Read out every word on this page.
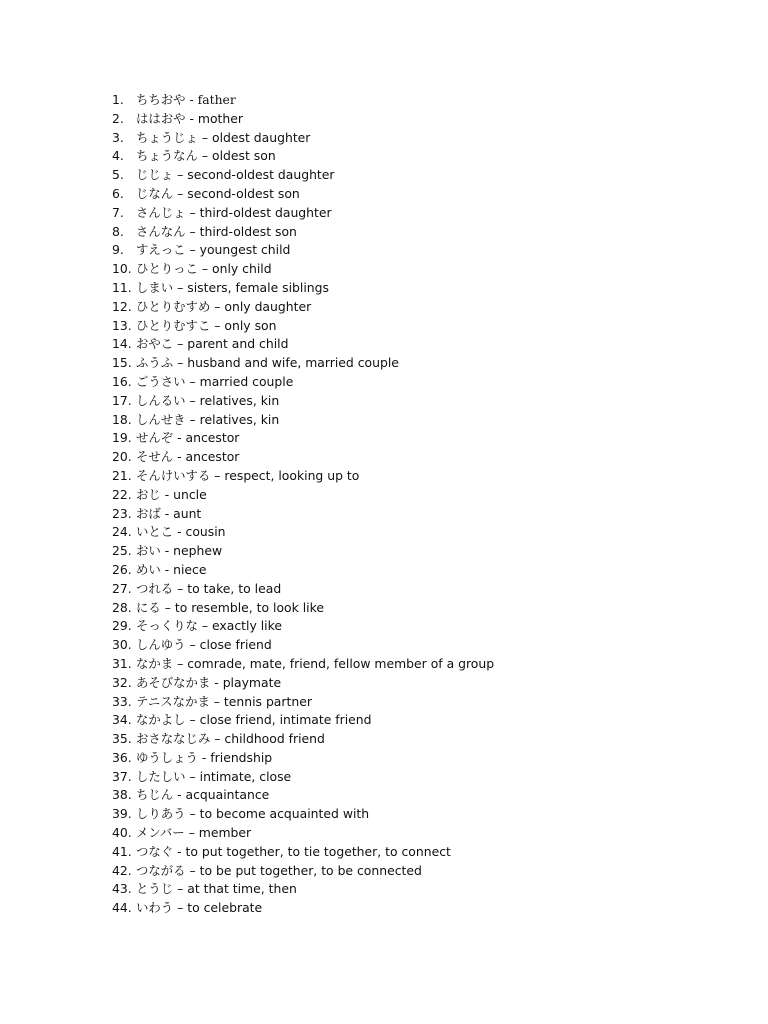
1. ちちおや - father
2. ははおや - mother
3. ちょうじょ – oldest daughter
4. ちょうなん – oldest son
5. じじょ – second-oldest daughter
6. じなん – second-oldest son
7. さんじょ – third-oldest daughter
8. さんなん – third-oldest son
9. すえっこ – youngest child
10. ひとりっこ – only child
11. しまい – sisters, female siblings
12. ひとりむすめ – only daughter
13. ひとりむすこ – only son
14. おやこ – parent and child
15. ふうふ – husband and wife, married couple
16. ごうさい – married couple
17. しんるい – relatives, kin
18. しんせき – relatives, kin
19. せんぞ - ancestor
20. そせん - ancestor
21. そんけいする – respect, looking up to
22. おじ - uncle
23. おば - aunt
24. いとこ - cousin
25. おい - nephew
26. めい - niece
27. つれる – to take, to lead
28. にる – to resemble, to look like
29. そっくりな – exactly like
30. しんゆう – close friend
31. なかま – comrade, mate, friend, fellow member of a group
32. あそびなかま - playmate
33. テニスなかま – tennis partner
34. なかよし – close friend, intimate friend
35. おさななじみ – childhood friend
36. ゆうしょう - friendship
37. したしい – intimate, close
38. ちじん - acquaintance
39. しりあう – to become acquainted with
40. メンバー – member
41. つなぐ - to put together, to tie together, to connect
42. つながる – to be put together, to be connected
43. とうじ – at that time, then
44. いわう – to celebrate
